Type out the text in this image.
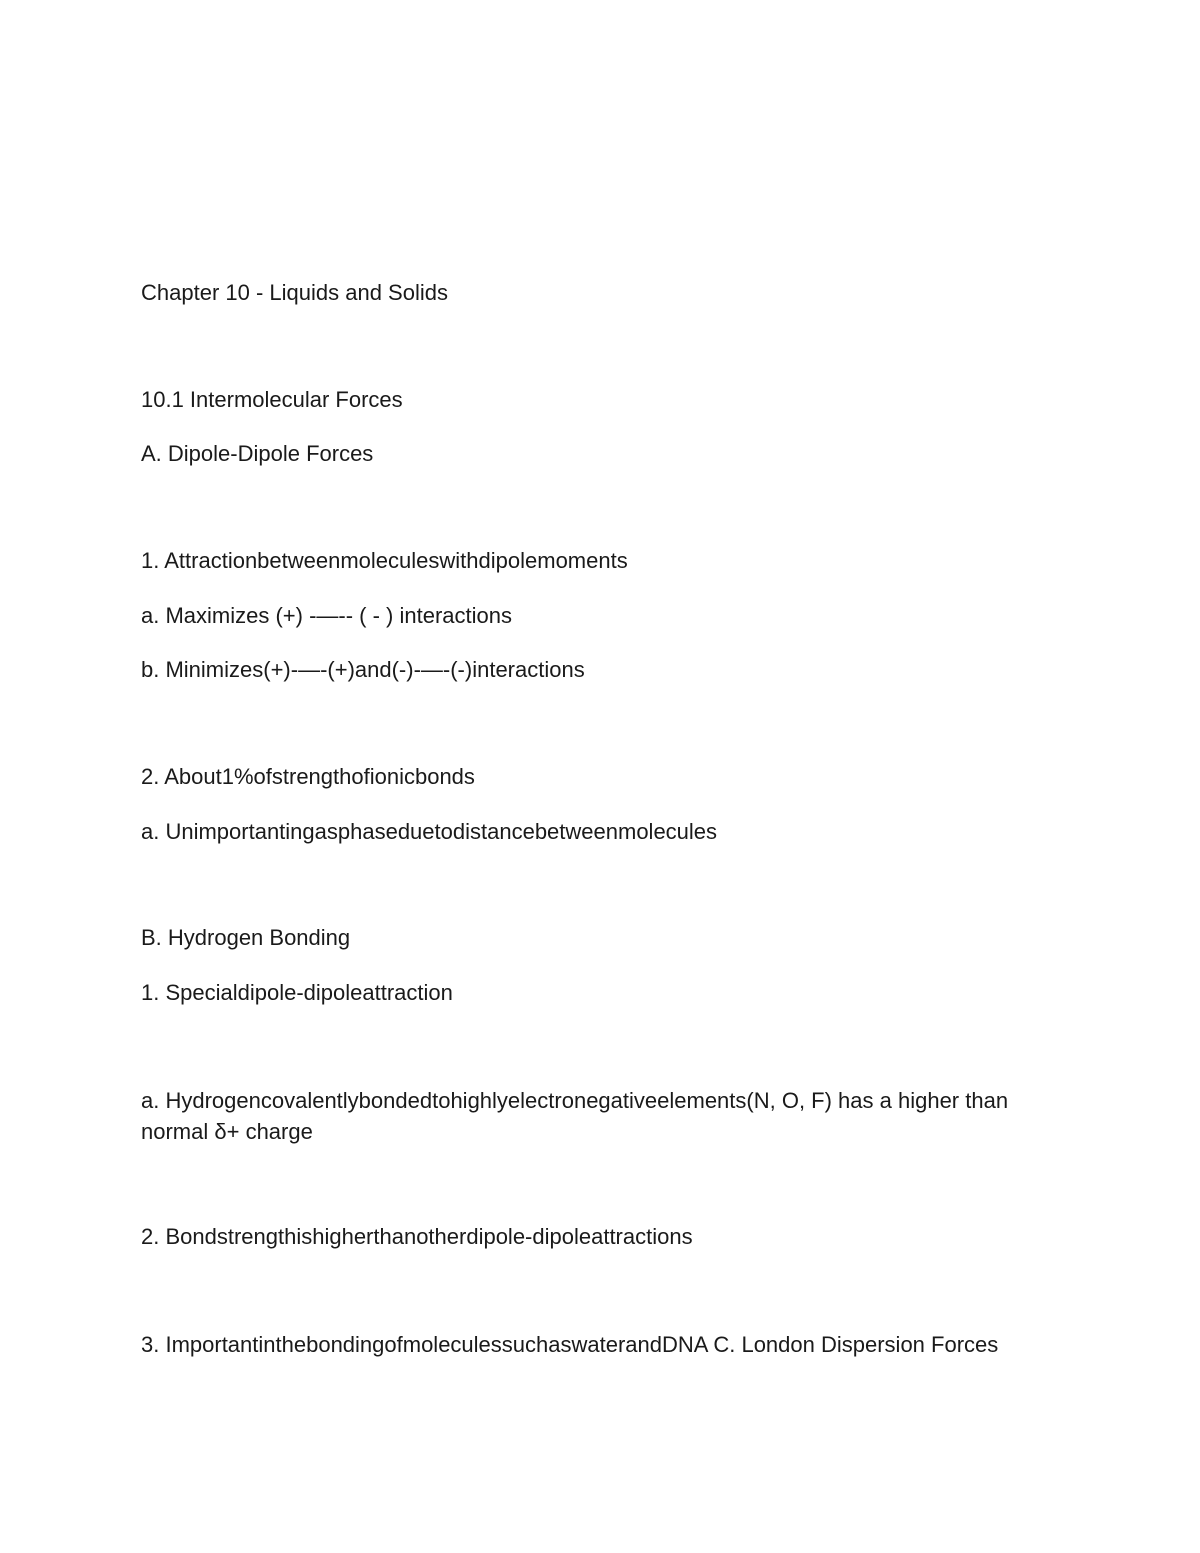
Chapter 10 - Liquids and Solids
10.1 Intermolecular Forces
A. Dipole-Dipole Forces
1. Attractionbetweenmoleculeswithdipolemoments
a. Maximizes (+) -—-- ( - ) interactions
b. Minimizes(+)-—-(+)and(-)-—-(-)interactions
2. About1%ofstrengthofionicbonds
a. Unimportantingasphaseduetodistancebetweenmolecules
B. Hydrogen Bonding
1. Specialdipole-dipoleattraction
a. Hydrogencovalentlybondedtohighlyelectronegativeelements(N, O, F) has a higher than normal δ+ charge
2. Bondstrengthishigherthanotherdipole-dipoleattractions
3. ImportantinthebondingofmoleculessuchaswaterandDNA C. London Dispersion Forces
